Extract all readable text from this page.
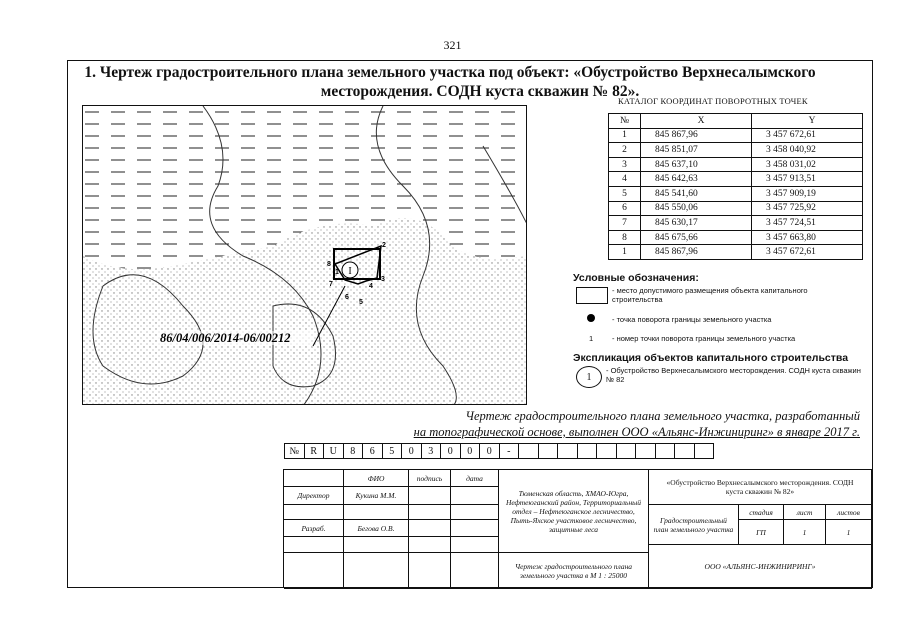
321
1. Чертеж градостроительного плана земельного участка под объект: «Обустройство Верхнесалымского
месторождения. СОДН куста скважин № 82».
КАТАЛОГ КООРДИНАТ ПОВОРОТНЫХ ТОЧЕК
№	X	Y
1	845 867,96	3 457 672,61
2	845 851,07	3 458 040,92
3	845 637,10	3 458 031,02
4	845 642,63	3 457 913,51
5	845 541,60	3 457 909,19
6	845 550,06	3 457 725,92
7	845 630,17	3 457 724,51
8	845 675,66	3 457 663,80
1	845 867,96	3 457 672,61
I
2
8
1
3
7	4
6
5
86/04/006/2014-06/00212
Условные обозначения:
- место допустимого размещения объекта капитального строительства
- точка поворота границы земельного участка
1	- номер точки поворота границы земельного участка
Экспликация объектов капитального строительства
1
- Обустройство Верхнесалымского месторождения. СОДН куста скважин № 82
Чертеж градостроительного плана земельного участка, разработанный
на топографической основе, выполнен ООО «Альянс-Инжиниринг» в январе 2017 г.
№	R	U	8	6	5	0	3	0	0	0	-										
ФИО	подпись	дата
Директор	Кукина М.М.
Разраб.	Бегова О.В.
Тюменская область, ХМАО-Югра, Нефтеюганский район, Территориальный отдел – Нефтеюганское лесничество, Пыть-Яхское участковое лесничество, защитные леса
Чертеж градостроительного плана земельного участка в М 1 : 25000
«Обустройство Верхнесалымского месторождения. СОДН куста скважин № 82»
Градостроительный план земельного участка
стадия	лист	листов
ГП	1	1
ООО «АЛЬЯНС-ИНЖИНИРИНГ»
